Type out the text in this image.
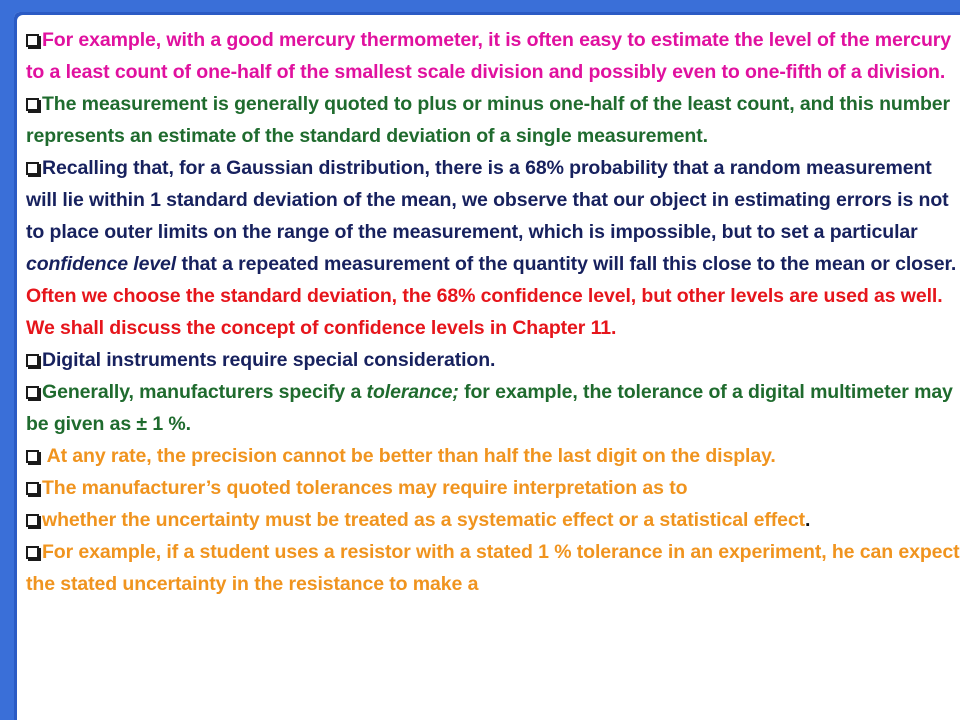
For example, with a good mercury thermometer, it is often easy to estimate the level of the mercury to a least count of one-half of the smallest scale division and possibly even to one-fifth of a division.

The measurement is generally quoted to plus or minus one-half of the least count, and this number represents an estimate of the standard deviation of a single measurement.

Recalling that, for a Gaussian distribution, there is a 68% probability that a random measurement will lie within 1 standard deviation of the mean, we observe that our object in estimating errors is not to place outer limits on the range of the measurement, which is impossible, but to set a particular confidence level that a repeated measurement of the quantity will fall this close to the mean or closer.

Often we choose the standard deviation, the 68% confidence level, but other levels are used as well. We shall discuss the concept of confidence levels in Chapter 11.

Digital instruments require special consideration.

Generally, manufacturers specify a tolerance; for example, the tolerance of a digital multimeter may be given as ± 1 %.

At any rate, the precision cannot be better than half the last digit on the display.

The manufacturer’s quoted tolerances may require interpretation as to

whether the uncertainty must be treated as a systematic effect or a statistical effect.

For example, if a student uses a resistor with a stated 1 % tolerance in an experiment, he can expect the stated uncertainty in the resistance to make a
